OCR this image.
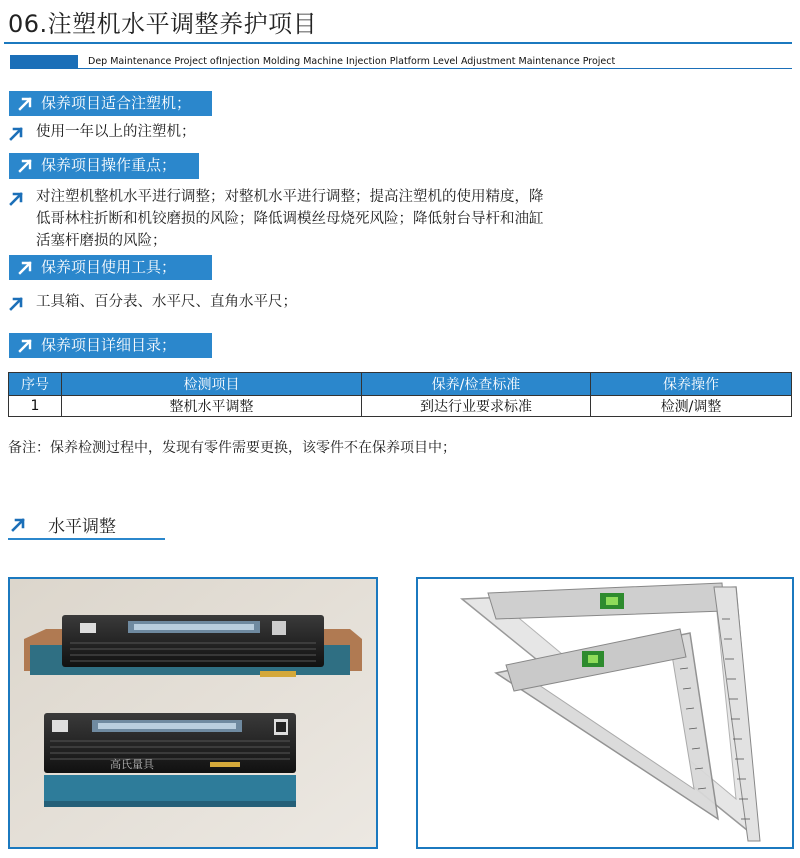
06.注塑机水平调整养护项目
Dep Maintenance Project ofInjection Molding Machine Injection Platform Level Adjustment Maintenance Project
保养项目适合注塑机；
使用一年以上的注塑机；
保养项目操作重点；
对注塑机整机水平进行调整；对整机水平进行调整；提高注塑机的使用精度，降
低哥林柱折断和机铰磨损的风险；降低调模丝母烧死风险；降低射台导杆和油缸
活塞杆磨损的风险；
保养项目使用工具；
工具箱、百分表、水平尺、直角水平尺；
保养项目详细目录；
序号	检测项目	保养/检查标准	保养操作
1	整机水平调整	到达行业要求标准	检测/调整
备注：保养检测过程中，发现有零件需要更换，该零件不在保养项目中；
水平调整
高氏量具
